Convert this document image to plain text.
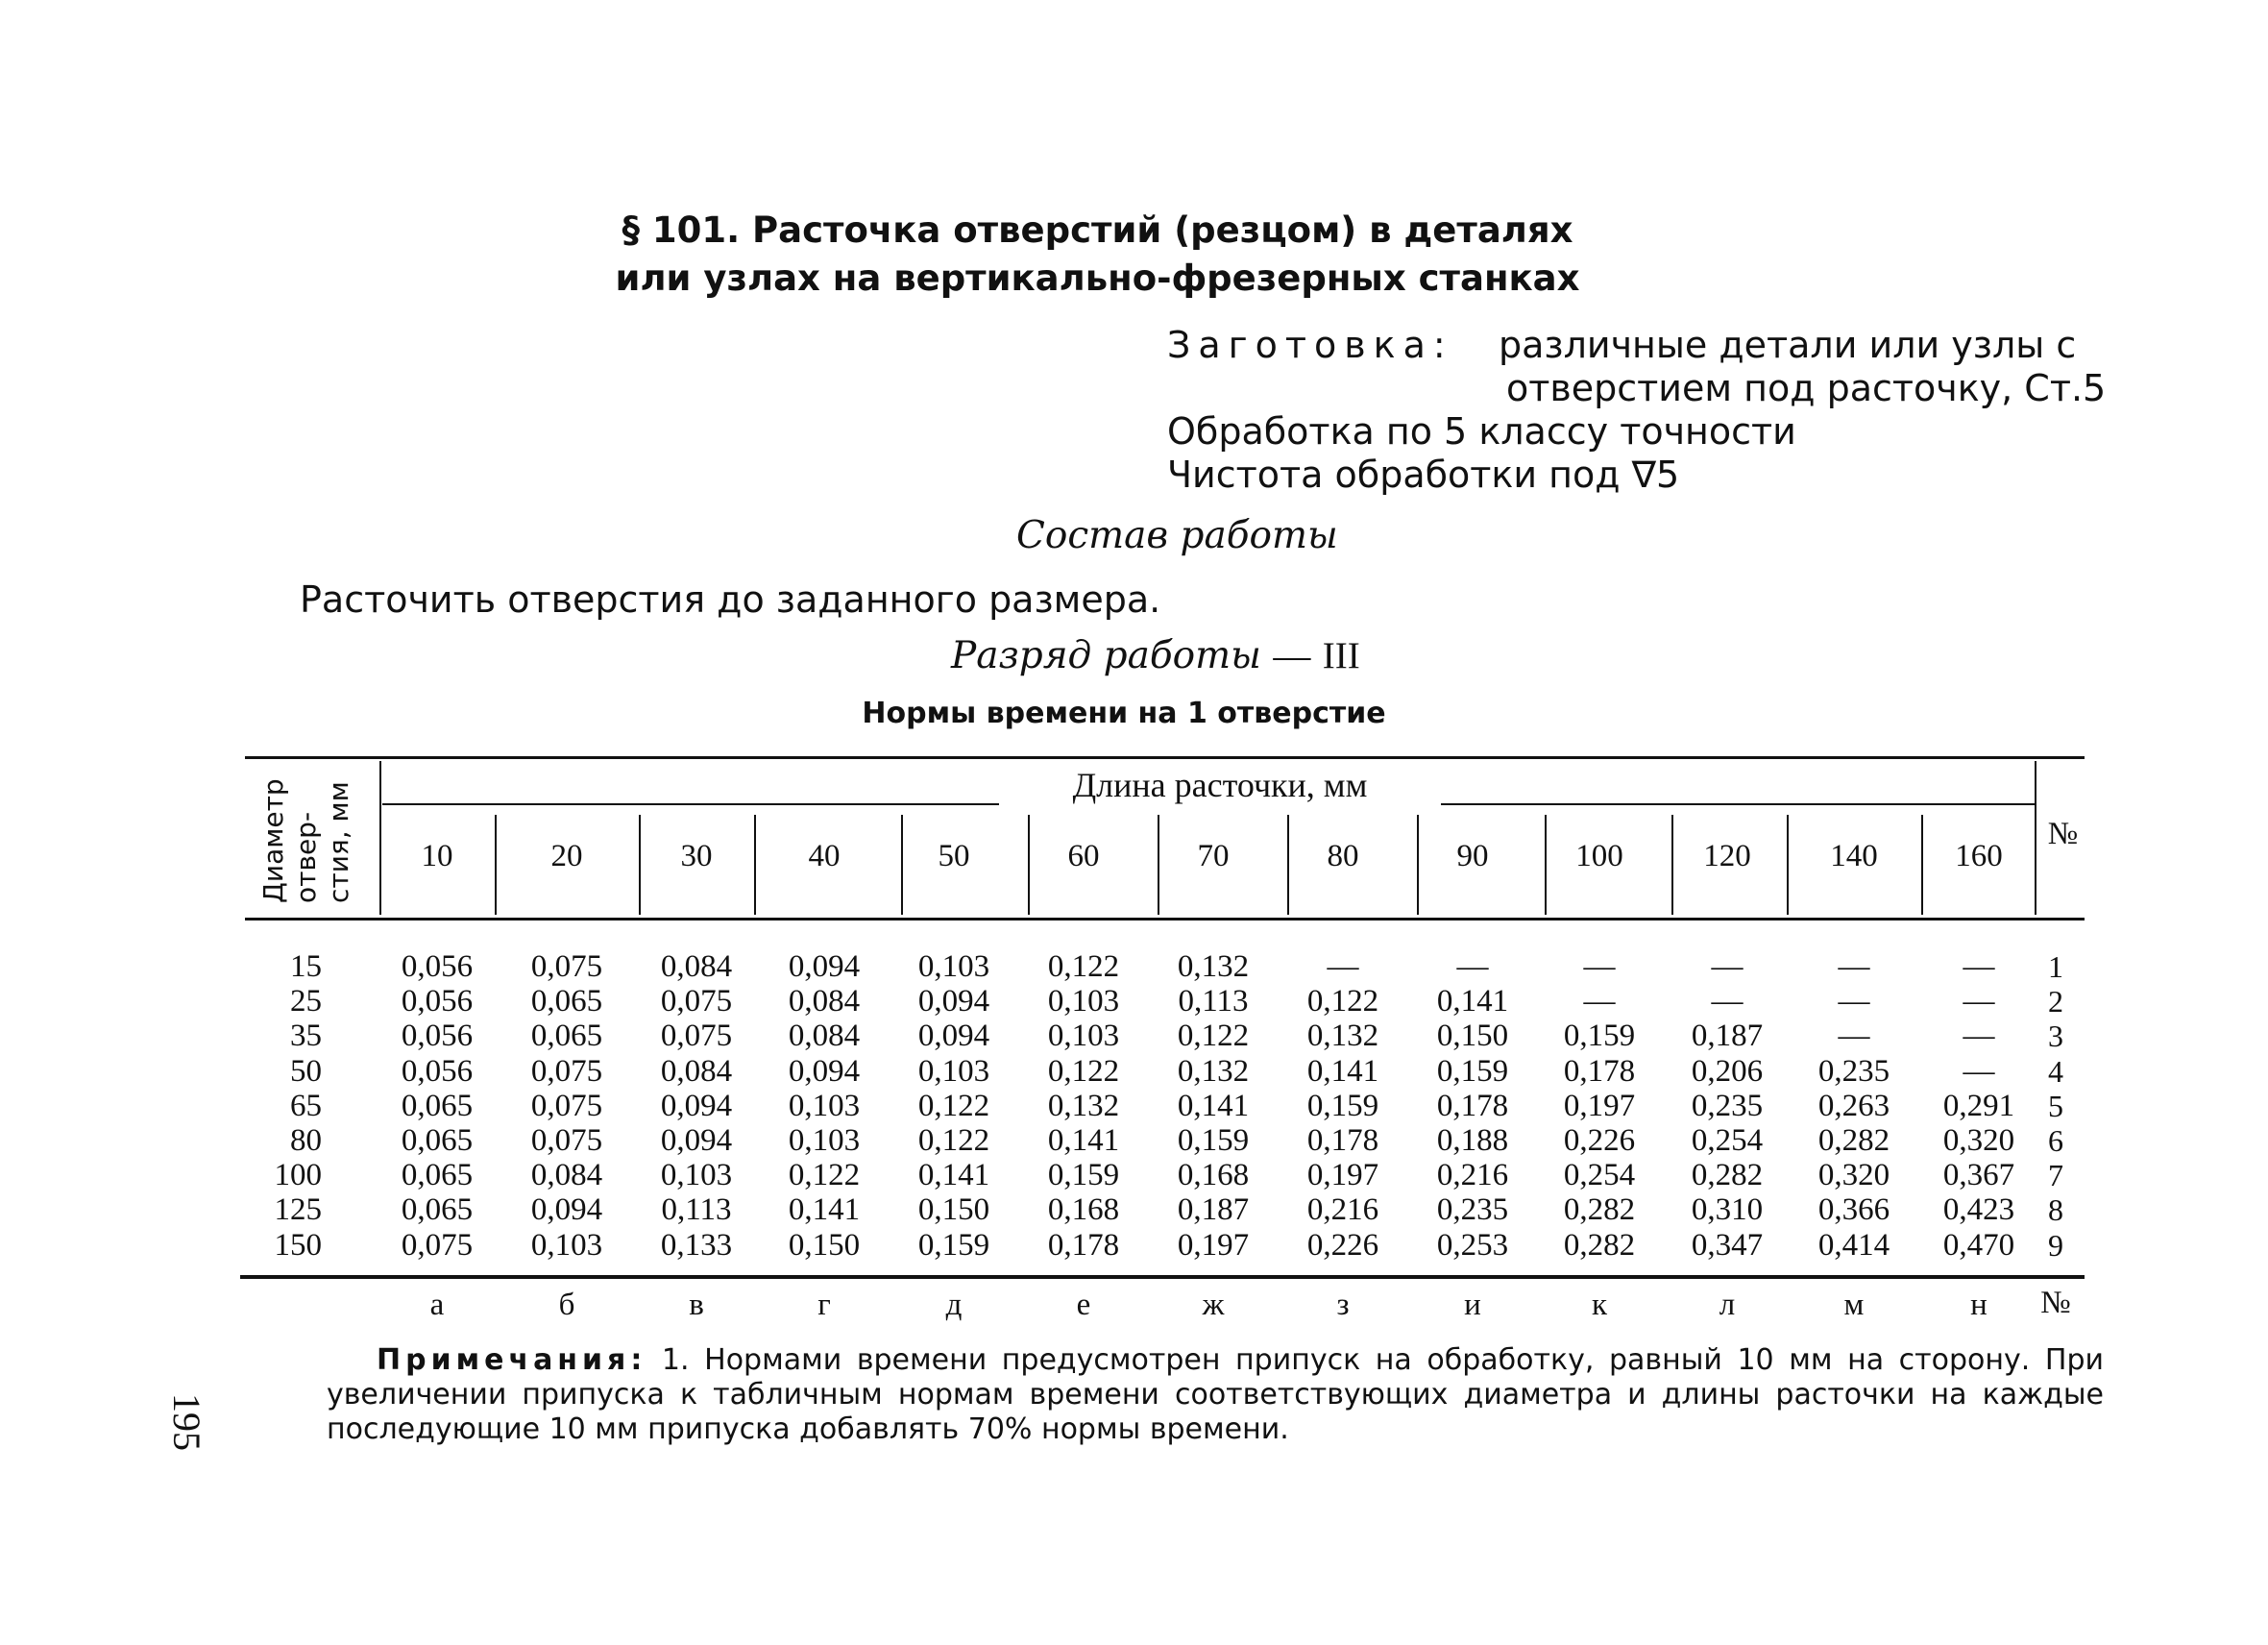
§ 101. Расточка отверстий (резцом) в деталях
или узлах на вертикально-фрезерных станках
Заготовка: различные детали или узлы с
отверстием под расточку, Ст.5
Обработка по 5 классу точности
Чистота обработки под ∇5
Состав работы
Расточить отверстия до заданного размера.
Разряд работы — III
Нормы времени на 1 отверстие
Диаметр отвер- стия, мм	Длина расточки, мм
№
10	20	30	40	50	60	70	80	90	100	120	140	160
15	0,056	0,075	0,084	0,094	0,103	0,122	0,132	—	—	—	—	—	—	1
25	0,056	0,065	0,075	0,084	0,094	0,103	0,113	0,122	0,141	—	—	—	—	2
35	0,056	0,065	0,075	0,084	0,094	0,103	0,122	0,132	0,150	0,159	0,187	—	—	3
50	0,056	0,075	0,084	0,094	0,103	0,122	0,132	0,141	0,159	0,178	0,206	0,235	—	4
65	0,065	0,075	0,094	0,103	0,122	0,132	0,141	0,159	0,178	0,197	0,235	0,263	0,291	5
80	0,065	0,075	0,094	0,103	0,122	0,141	0,159	0,178	0,188	0,226	0,254	0,282	0,320	6
100	0,065	0,084	0,103	0,122	0,141	0,159	0,168	0,197	0,216	0,254	0,282	0,320	0,367	7
125	0,065	0,094	0,113	0,141	0,150	0,168	0,187	0,216	0,235	0,282	0,310	0,366	0,423	8
150	0,075	0,103	0,133	0,150	0,159	0,178	0,197	0,226	0,253	0,282	0,347	0,414	0,470	9
а	б	в	г	д	е	ж	з	и	к	л	м	н	№
Примечания: 1. Нормами времени предусмотрен припуск на обработку, равный 10 мм на сторону. При увеличении припуска к табличным нормам времени соответствующих диаметра и длины расточки на каждые последующие 10 мм припуска добавлять 70% нормы времени.
195
